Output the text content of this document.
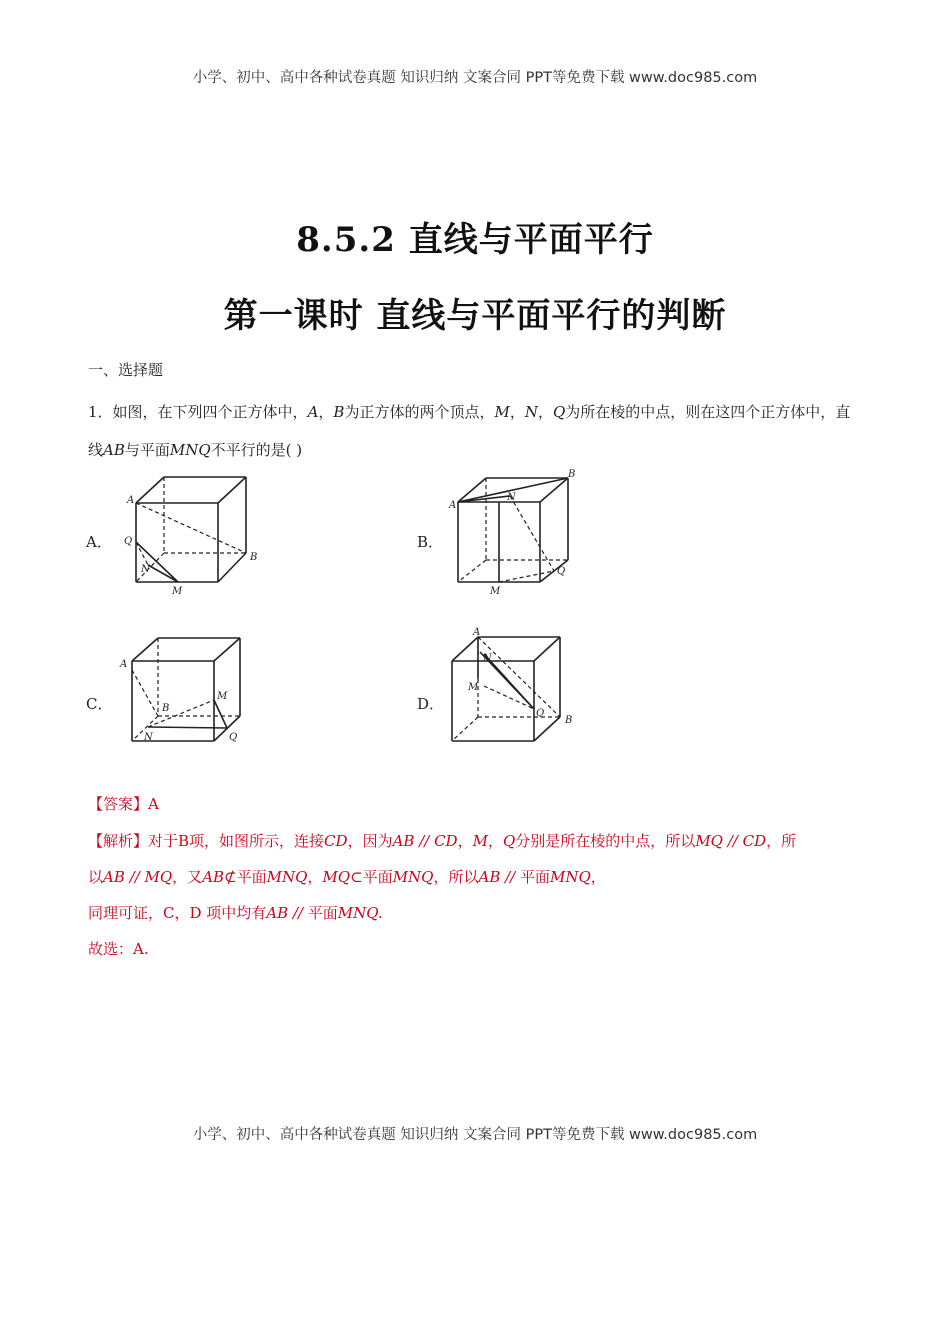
小学、初中、高中各种试卷真题 知识归纳 文案合同 PPT等免费下载 www.doc985.com
8.5.2 直线与平面平行
第一课时 直线与平面平行的判断
一、选择题
1．如图，在下列四个正方体中，A，B为正方体的两个顶点，M，N，Q为所在棱的中点，则在这四个正方体中，直线AB与平面MNQ不平行的是( )
A．
A
B
Q
N
M
B．
A
B
N
Q
M
C．
A
B
M
N	Q
D．
A
B
M
N
Q
【答案】A
【解析】对于B项，如图所示，连接CD，因为AB // CD，M，Q分别是所在棱的中点，所以MQ // CD，所
以AB // MQ，又AB⊄平面MNQ，MQ⊂平面MNQ，所以AB // 平面MNQ，
同理可证，C，D 项中均有AB // 平面MNQ.
故选：A.
小学、初中、高中各种试卷真题 知识归纳 文案合同 PPT等免费下载 www.doc985.com
